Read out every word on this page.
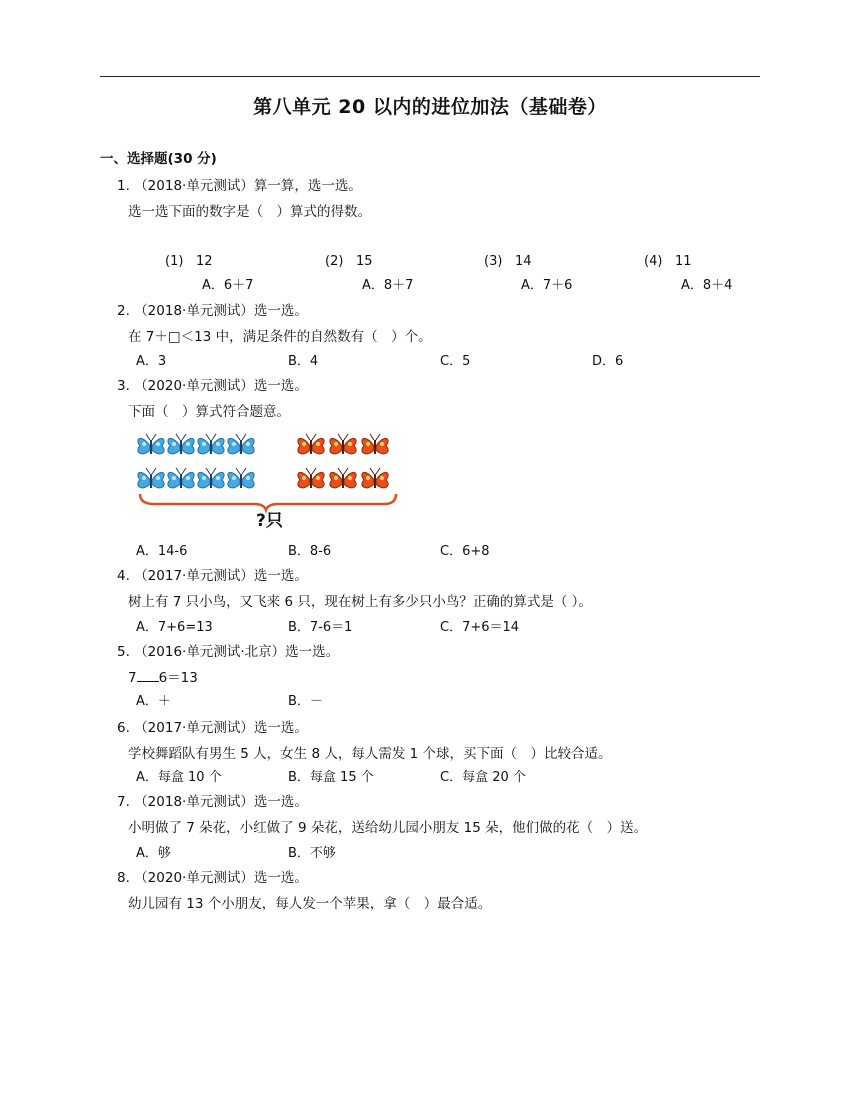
第八单元 20 以内的进位加法（基础卷）
一、选择题(30 分)
1. （2018·单元测试）算一算，选一选。
选一选下面的数字是（　）算式的得数。
(1) 12	(2) 15	(3) 14	(4) 11
A．6＋7	A．8＋7	A．7＋6	A．8＋4
2. （2018·单元测试）选一选。
在 7＋□＜13 中，满足条件的自然数有（　）个。
A．3	B．4	C．5	D．6
3. （2020·单元测试）选一选。
下面（　）算式符合题意。
?只
A．14-6	B．8-6	C．6+8
4. （2017·单元测试）选一选。
树上有 7 只小鸟，又飞来 6 只，现在树上有多少只小鸟？正确的算式是（ ）。
A．7+6=13	B．7-6＝1	C．7+6＝14
5. （2016·单元测试·北京）选一选。
7 6＝13
A．＋	B．－
6. （2017·单元测试）选一选。
学校舞蹈队有男生 5 人，女生 8 人，每人需发 1 个球，买下面（　）比较合适。
A．每盒 10 个	B．每盒 15 个	C．每盒 20 个
7. （2018·单元测试）选一选。
小明做了 7 朵花，小红做了 9 朵花，送给幼儿园小朋友 15 朵，他们做的花（　）送。
A．够	B．不够
8. （2020·单元测试）选一选。
幼儿园有 13 个小朋友，每人发一个苹果，拿（　）最合适。
